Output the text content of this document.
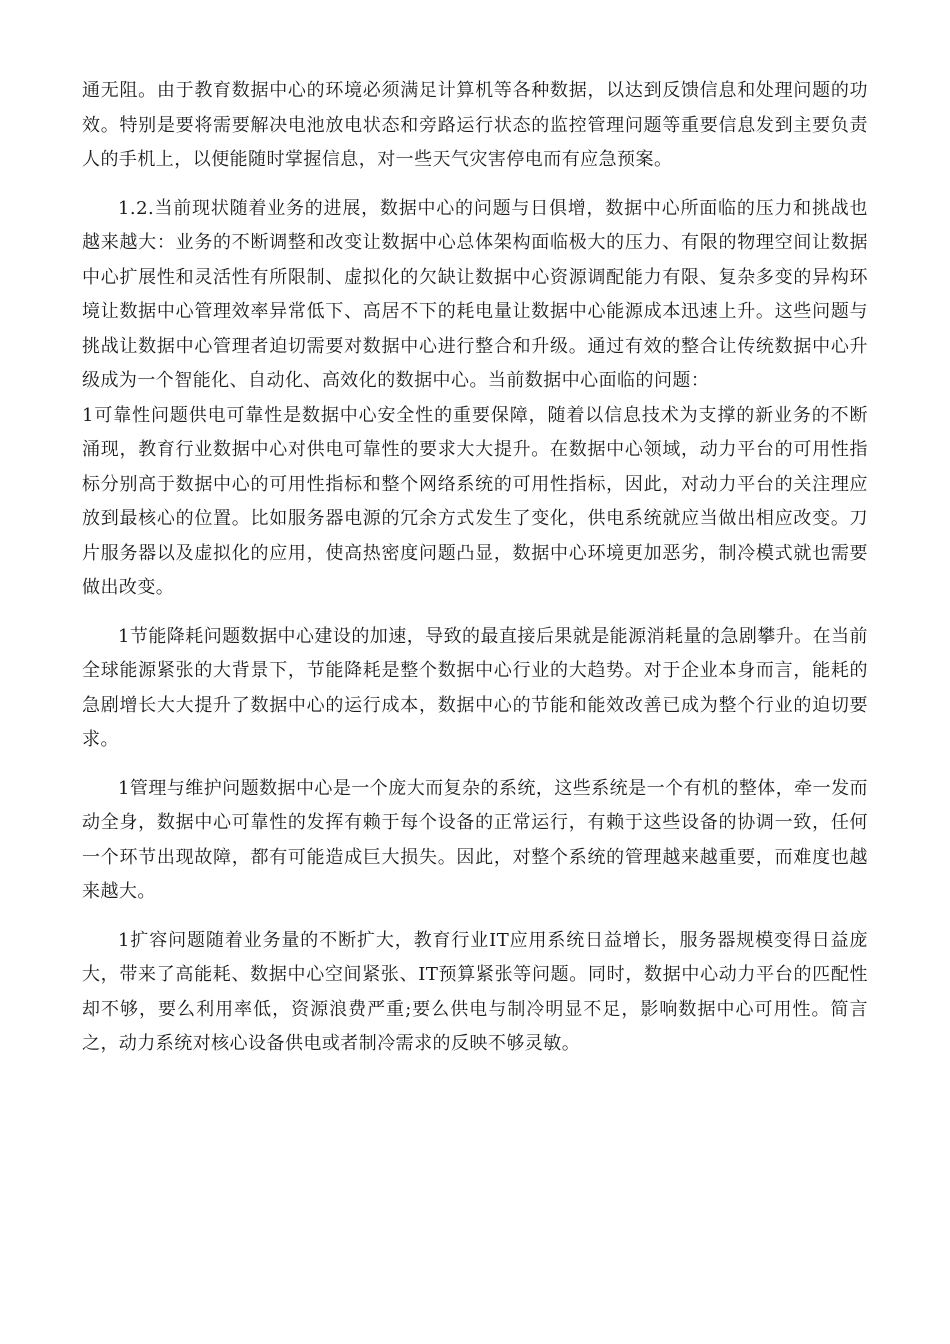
通无阻。由于教育数据中心的环境必须满足计算机等各种数据，以达到反馈信息和处理问题的功效。特别是要将需要解决电池放电状态和旁路运行状态的监控管理问题等重要信息发到主要负责人的手机上，以便能随时掌握信息，对一些天气灾害停电而有应急预案。

1.2.当前现状随着业务的进展，数据中心的问题与日俱增，数据中心所面临的压力和挑战也越来越大：业务的不断调整和改变让数据中心总体架构面临极大的压力、有限的物理空间让数据中心扩展性和灵活性有所限制、虚拟化的欠缺让数据中心资源调配能力有限、复杂多变的异构环境让数据中心管理效率异常低下、高居不下的耗电量让数据中心能源成本迅速上升。这些问题与挑战让数据中心管理者迫切需要对数据中心进行整合和升级。通过有效的整合让传统数据中心升级成为一个智能化、自动化、高效化的数据中心。当前数据中心面临的问题：

1可靠性问题供电可靠性是数据中心安全性的重要保障，随着以信息技术为支撑的新业务的不断涌现，教育行业数据中心对供电可靠性的要求大大提升。在数据中心领域，动力平台的可用性指标分别高于数据中心的可用性指标和整个网络系统的可用性指标，因此，对动力平台的关注理应放到最核心的位置。比如服务器电源的冗余方式发生了变化，供电系统就应当做出相应改变。刀片服务器以及虚拟化的应用，使高热密度问题凸显，数据中心环境更加恶劣，制冷模式就也需要做出改变。

1节能降耗问题数据中心建设的加速，导致的最直接后果就是能源消耗量的急剧攀升。在当前全球能源紧张的大背景下，节能降耗是整个数据中心行业的大趋势。对于企业本身而言，能耗的急剧增长大大提升了数据中心的运行成本，数据中心的节能和能效改善已成为整个行业的迫切要求。

1管理与维护问题数据中心是一个庞大而复杂的系统，这些系统是一个有机的整体，牵一发而动全身，数据中心可靠性的发挥有赖于每个设备的正常运行，有赖于这些设备的协调一致，任何一个环节出现故障，都有可能造成巨大损失。因此，对整个系统的管理越来越重要，而难度也越来越大。

1扩容问题随着业务量的不断扩大，教育行业IT应用系统日益增长，服务器规模变得日益庞大，带来了高能耗、数据中心空间紧张、IT预算紧张等问题。同时，数据中心动力平台的匹配性却不够，要么利用率低，资源浪费严重;要么供电与制冷明显不足，影响数据中心可用性。简言之，动力系统对核心设备供电或者制冷需求的反映不够灵敏。
